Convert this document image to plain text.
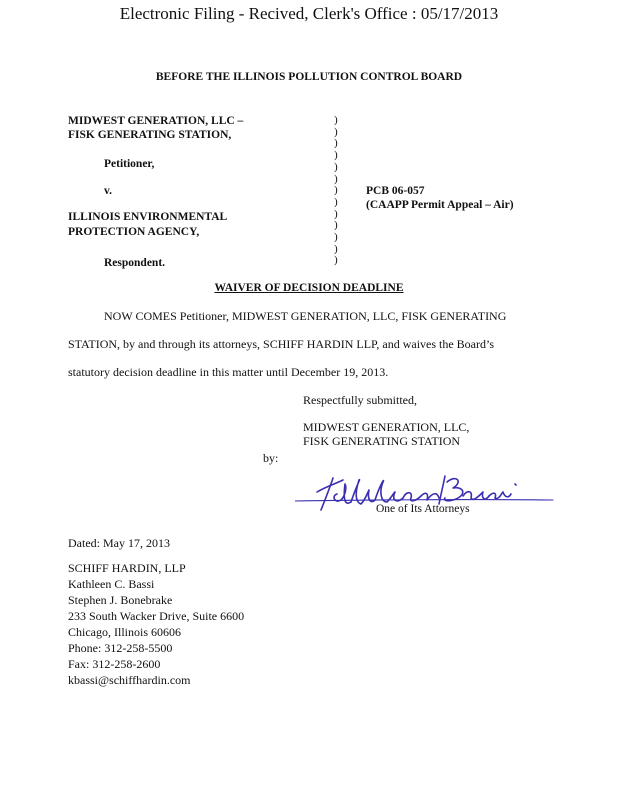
Electronic Filing - Recived, Clerk's Office : 05/17/2013
BEFORE THE ILLINOIS POLLUTION CONTROL BOARD
MIDWEST GENERATION, LLC –
FISK GENERATING STATION,
Petitioner,
v.
ILLINOIS ENVIRONMENTAL
PROTECTION AGENCY,
Respondent.
)
)
)
)
)
)
)
)
)
)
)
)
)
PCB 06-057
(CAAPP Permit Appeal – Air)
WAIVER OF DECISION DEADLINE
NOW COMES Petitioner, MIDWEST GENERATION, LLC, FISK GENERATING
STATION, by and through its attorneys, SCHIFF HARDIN LLP, and waives the Board’s
statutory decision deadline in this matter until December 19, 2013.
Respectfully submitted,
MIDWEST GENERATION, LLC,
FISK GENERATING STATION
by:
One of Its Attorneys
Dated: May 17, 2013
SCHIFF HARDIN, LLP
Kathleen C. Bassi
Stephen J. Bonebrake
233 South Wacker Drive, Suite 6600
Chicago, Illinois 60606
Phone: 312-258-5500
Fax: 312-258-2600
kbassi@schiffhardin.com
